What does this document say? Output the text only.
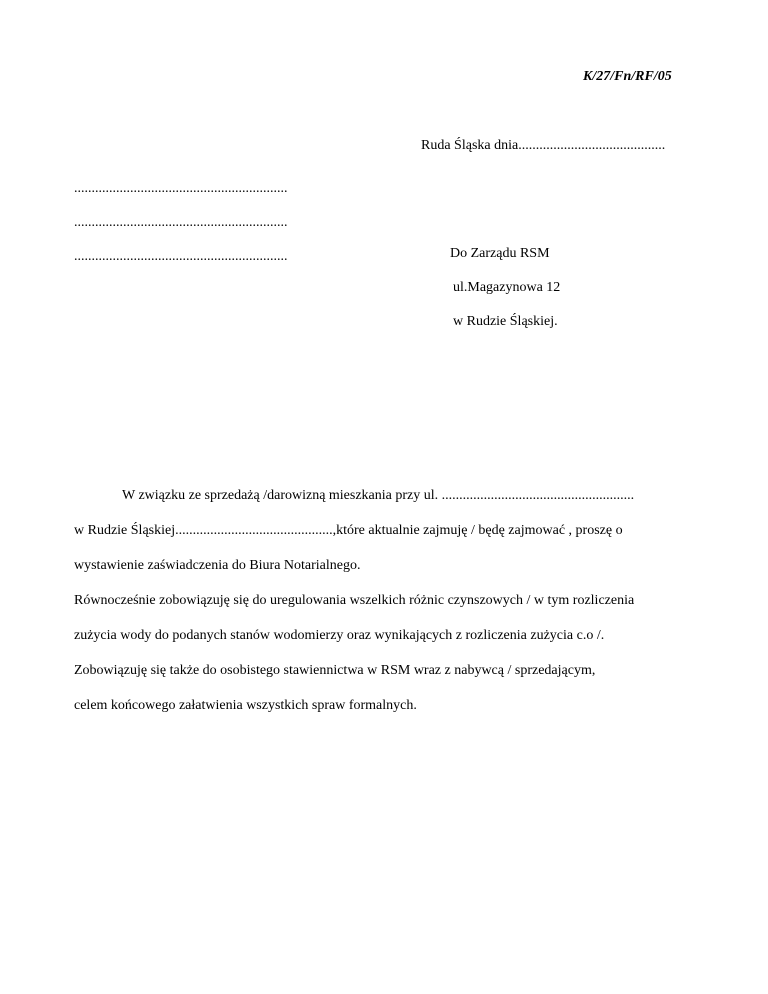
K/27/Fn/RF/05
Ruda Śląska dnia..........................................
.............................................................
.............................................................
.............................................................	Do Zarządu RSM
ul.Magazynowa 12
w Rudzie Śląskiej.
W związku ze sprzedażą /darowizną mieszkania przy ul. .......................................................
w Rudzie Śląskiej.............................................,które aktualnie zajmuję / będę zajmować , proszę o
wystawienie zaświadczenia do Biura Notarialnego.
Równocześnie zobowiązuję się do uregulowania wszelkich różnic czynszowych / w tym rozliczenia
zużycia wody do podanych stanów wodomierzy oraz wynikających z rozliczenia zużycia c.o /.
Zobowiązuję się także do osobistego stawiennictwa w RSM wraz z nabywcą / sprzedającym,
celem końcowego załatwienia wszystkich spraw formalnych.
